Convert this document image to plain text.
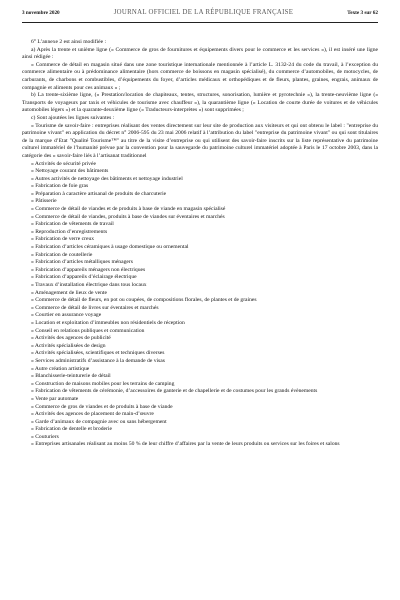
3 novembre 2020	JOURNAL OFFICIEL DE LA RÉPUBLIQUE FRANÇAISE	Texte 3 sur 62

6° L’annexe 2 est ainsi modifiée :

a) Après la trente et unième ligne (« Commerce de gros de fournitures et équipements divers pour le commerce et les services »), il est inséré une ligne ainsi rédigée :

« Commerce de détail en magasin situé dans une zone touristique internationale mentionnée à l’article L. 3132-24 du code du travail, à l’exception du commerce alimentaire ou à prédominance alimentaire (hors commerce de boissons en magasin spécialisé), du commerce d’automobiles, de motocycles, de carburants, de charbons et combustibles, d’équipements du foyer, d’articles médicaux et orthopédiques et de fleurs, plantes, graines, engrais, animaux de compagnie et aliments pour ces animaux » ;

b) La trente-sixième ligne, (« Prestation/location de chapiteaux, tentes, structures, sonorisation, lumière et pyrotechnie »), la trente-neuvième ligne (« Transports de voyageurs par taxis et véhicules de tourisme avec chauffeur »), la quarantième ligne (« Location de courte durée de voitures et de véhicules automobiles légers ») et la quarante-deuxième ligne (« Traducteurs-interprètes ») sont supprimées ;

c) Sont ajoutées les lignes suivantes :

« Tourisme de savoir-faire : entreprises réalisant des ventes directement sur leur site de production aux visiteurs et qui ont obtenu le label : "entreprise du patrimoine vivant" en application du décret n° 2006-595 du 23 mai 2006 relatif à l’attribution du label "entreprise du patrimoine vivant" ou qui sont titulaires de la marque d’Etat "Qualité Tourisme™" au titre de la visite d’entreprise ou qui utilisent des savoir-faire inscrits sur la liste représentative du patrimoine culturel immatériel de l’humanité prévue par la convention pour la sauvegarde du patrimoine culturel immatériel adoptée à Paris le 17 octobre 2003, dans la catégorie des « savoir-faire liés à l’artisanat traditionnel

« Activités de sécurité privée
« Nettoyage courant des bâtiments
« Autres activités de nettoyage des bâtiments et nettoyage industriel
« Fabrication de foie gras
« Préparation à caractère artisanal de produits de charcuterie
« Pâtisserie
« Commerce de détail de viandes et de produits à base de viande en magasin spécialisé
« Commerce de détail de viandes, produits à base de viandes sur éventaires et marchés
« Fabrication de vêtements de travail
« Reproduction d’enregistrements
« Fabrication de verre creux
« Fabrication d’articles céramiques à usage domestique ou ornemental
« Fabrication de coutellerie
« Fabrication d’articles métalliques ménagers
« Fabrication d’appareils ménagers non électriques
« Fabrication d’appareils d’éclairage électrique
« Travaux d’installation électrique dans tous locaux
« Aménagement de lieux de vente
« Commerce de détail de fleurs, en pot ou coupées, de compositions florales, de plantes et de graines
« Commerce de détail de livres sur éventaires et marchés
« Courtier en assurance voyage
« Location et exploitation d’immeubles non résidentiels de réception
« Conseil en relations publiques et communication
« Activités des agences de publicité
« Activités spécialisées de design
« Activités spécialisées, scientifiques et techniques diverses
« Services administratifs d’assistance à la demande de visas
« Autre création artistique
« Blanchisserie-teinturerie de détail
« Construction de maisons mobiles pour les terrains de camping
« Fabrication de vêtements de cérémonie, d’accessoires de ganterie et de chapellerie et de costumes pour les grands évènements
« Vente par automate
« Commerce de gros de viandes et de produits à base de viande
« Activités des agences de placement de main-d’œuvre
« Garde d’animaux de compagnie avec ou sans hébergement
« Fabrication de dentelle et broderie
« Couturiers
« Entreprises artisanales réalisant au moins 50 % de leur chiffre d’affaires par la vente de leurs produits ou services sur les foires et salons
